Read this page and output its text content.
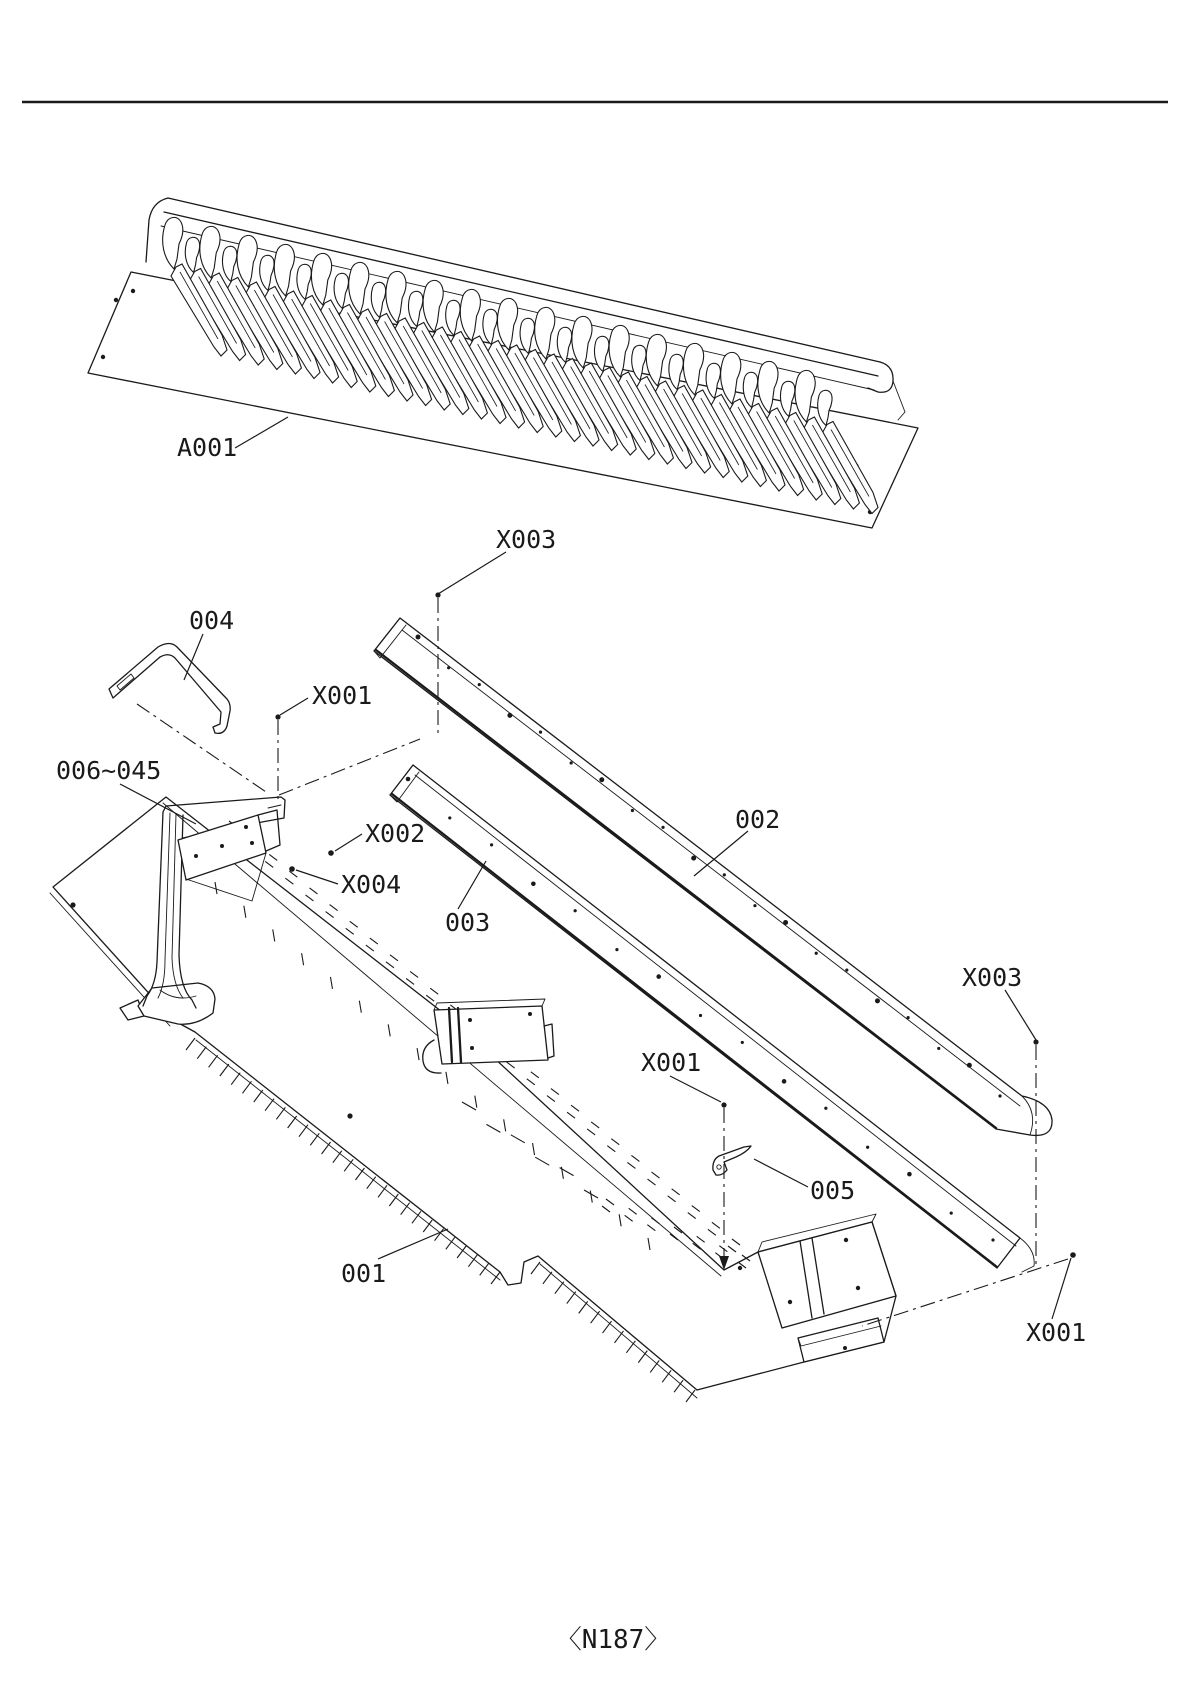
A001
001
006~045
002
003
004
005
X003
X001
X002
X004
X003
X001
X001
〈N187〉
